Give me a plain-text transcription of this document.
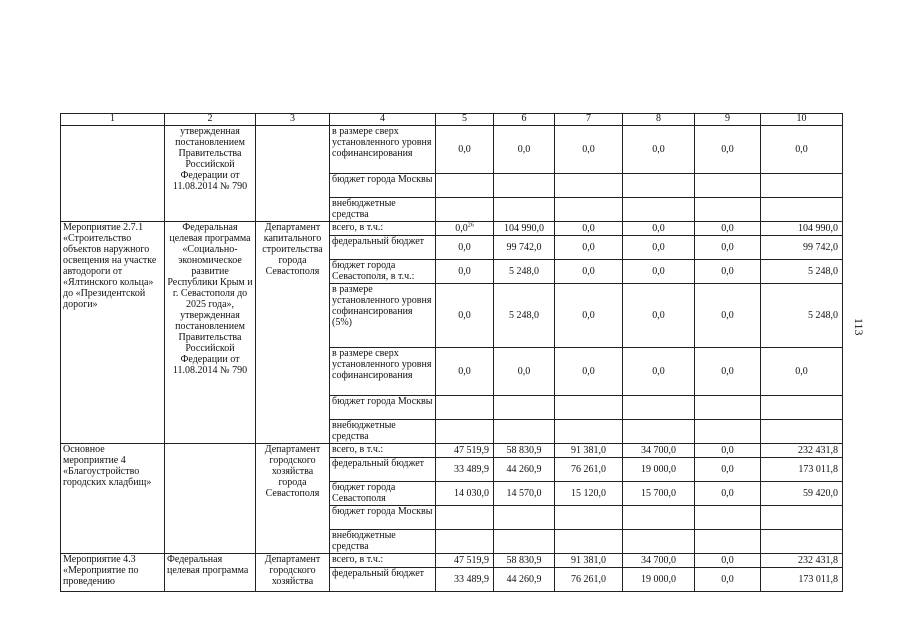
1	2	3	4	5	6	7	8	9	10
	утвержденная постановлением Правительства Российской Федерации от 11.08.2014 № 790		в размере сверх установленного уровня софинансирования	0,0	0,0	0,0	0,0	0,0	0,0
			бюджет города Москвы						
			внебюджетные средства						
Мероприятие 2.7.1 «Строительство объектов наружного освещения на участке автодороги от «Ялтинского кольца» до «Президентской дороги»	Федеральная целевая программа «Социально-экономическое развитие Республики Крым и г. Севастополя до 2025 года», утвержденная постановлением Правительства Российской Федерации от 11.08.2014 № 790	Департамент капитального строительства города Севастополя	всего, в т.ч.:	$0,0^{26}$	104 990,0	0,0	0,0	0,0	104 990,0
			федеральный бюджет	0,0	99 742,0	0,0	0,0	0,0	99 742,0
			бюджет города Севастополя, в т.ч.:	0,0	5 248,0	0,0	0,0	0,0	5 248,0
			в размере установленного уровня софинансирования (5%)	0,0	5 248,0	0,0	0,0	0,0	5 248,0
			в размере сверх установленного уровня софинансирования	0,0	0,0	0,0	0,0	0,0	0,0
			бюджет города Москвы						
			внебюджетные средства						
Основное мероприятие 4 «Благоустройство городских кладбищ»		Департамент городского хозяйства города Севастополя	всего, в т.ч.:	47 519,9	58 830,9	91 381,0	34 700,0	0,0	232 431,8
			федеральный бюджет	33 489,9	44 260,9	76 261,0	19 000,0	0,0	173 011,8
			бюджет города Севастополя	14 030,0	14 570,0	15 120,0	15 700,0	0,0	59 420,0
			бюджет города Москвы						
			внебюджетные средства						
Мероприятие 4.3 «Мероприятие по проведению	Федеральная целевая программа	Департамент городского хозяйства	всего, в т.ч.:	47 519,9	58 830,9	91 381,0	34 700,0	0,0	232 431,8
			федеральный бюджет	33 489,9	44 260,9	76 261,0	19 000,0	0,0	173 011,8
113
